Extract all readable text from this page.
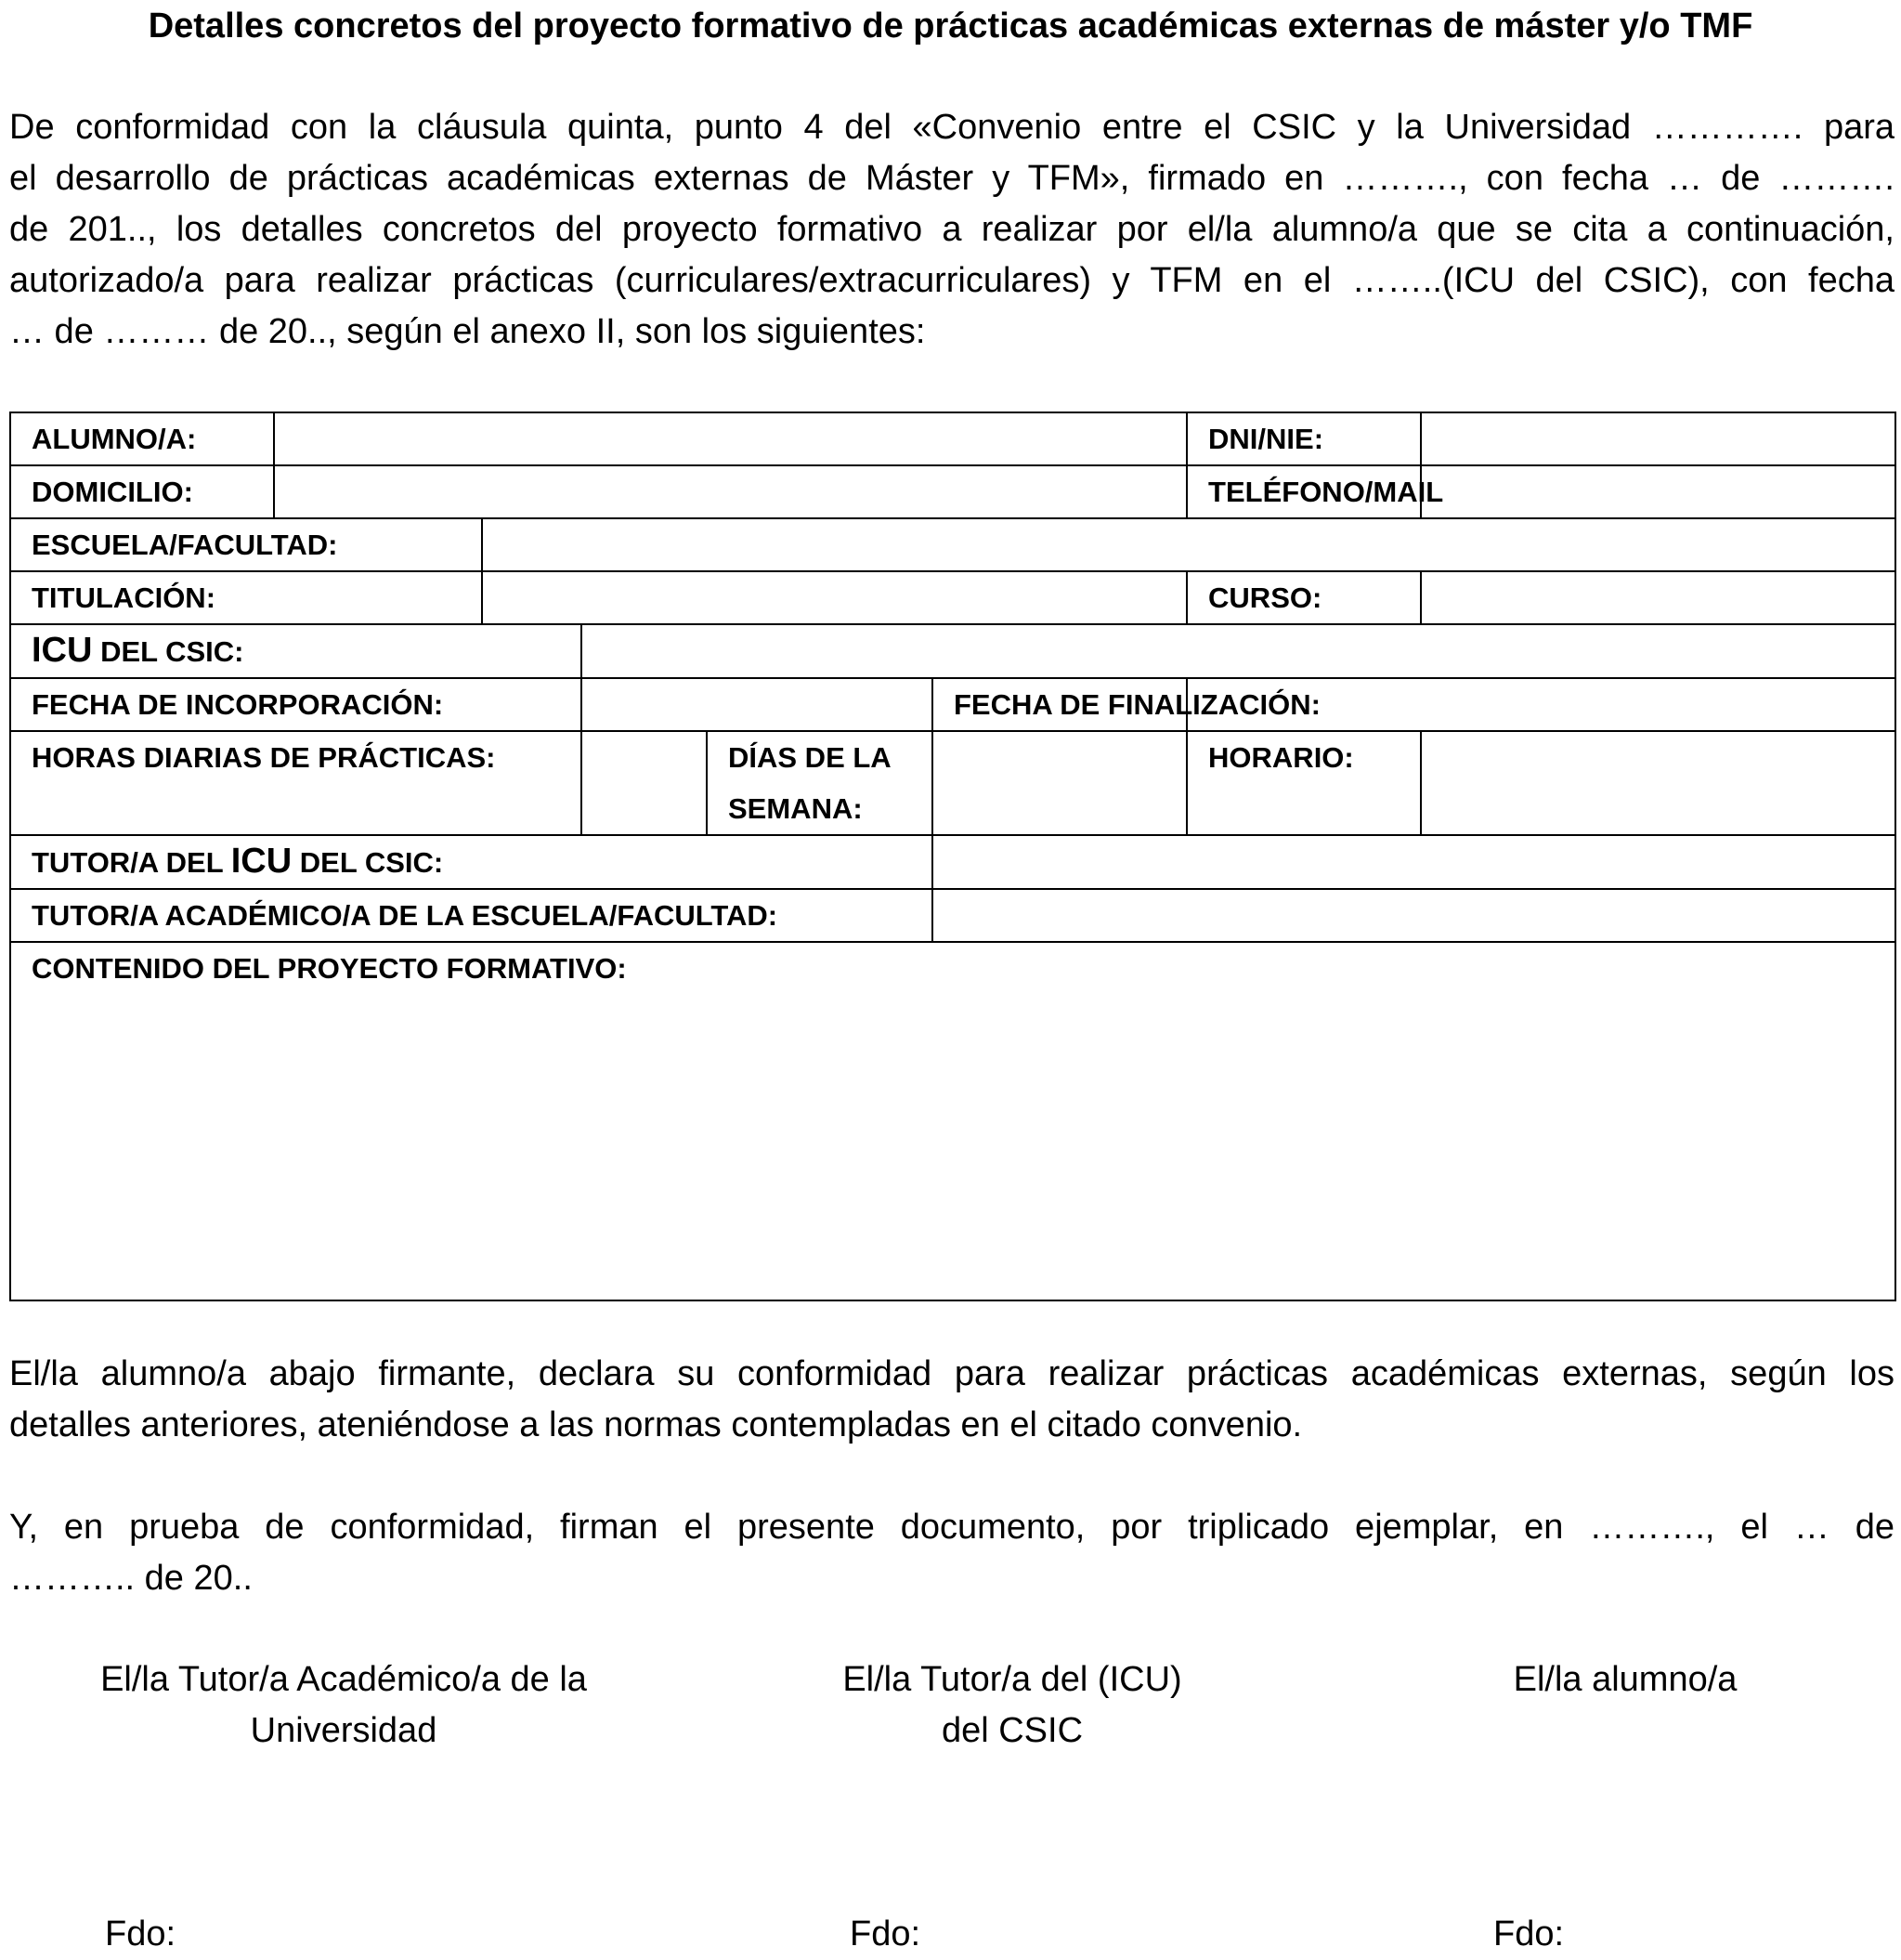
Detalles concretos del proyecto formativo de prácticas académicas externas de máster y/o TMF
De conformidad con la cláusula quinta, punto 4 del «Convenio entre el CSIC y la Universidad …………. para
el desarrollo de prácticas académicas externas de Máster y TFM», firmado en ………., con fecha … de ……….
de 201.., los detalles concretos del proyecto formativo a realizar por el/la alumno/a que se cita a continuación,
autorizado/a para realizar prácticas (curriculares/extracurriculares) y TFM en el ……..(ICU del CSIC), con fecha
… de ……… de 20.., según el anexo II, son los siguientes:
ALUMNO/A:						DNI/NIE:	
DOMICILIO:						TELÉFONO/MAIL	
ESCUELA/FACULTAD:							
TITULACIÓN:						CURSO:	
ICU DEL CSIC:							
FECHA DE INCORPORACIÓN:					FECHA DE FINALIZACIÓN:		
HORAS DIARIAS DE PRÁCTICAS:				DÍAS DE LA SEMANA:		HORARIO:	
TUTOR/A DEL ICU DEL CSIC:							
TUTOR/A ACADÉMICO/A DE LA ESCUELA/FACULTAD:							
CONTENIDO DEL PROYECTO FORMATIVO:							
El/la alumno/a abajo firmante, declara su conformidad para realizar prácticas académicas externas, según los
detalles anteriores, ateniéndose a las normas contempladas en el citado convenio.
Y, en prueba de conformidad, firman el presente documento, por triplicado ejemplar, en ………., el … de
……….. de 20..
El/la Tutor/a Académico/a de la
Universidad
El/la Tutor/a del (ICU)
del CSIC
El/la alumno/a
Fdo:	Fdo:	Fdo:
